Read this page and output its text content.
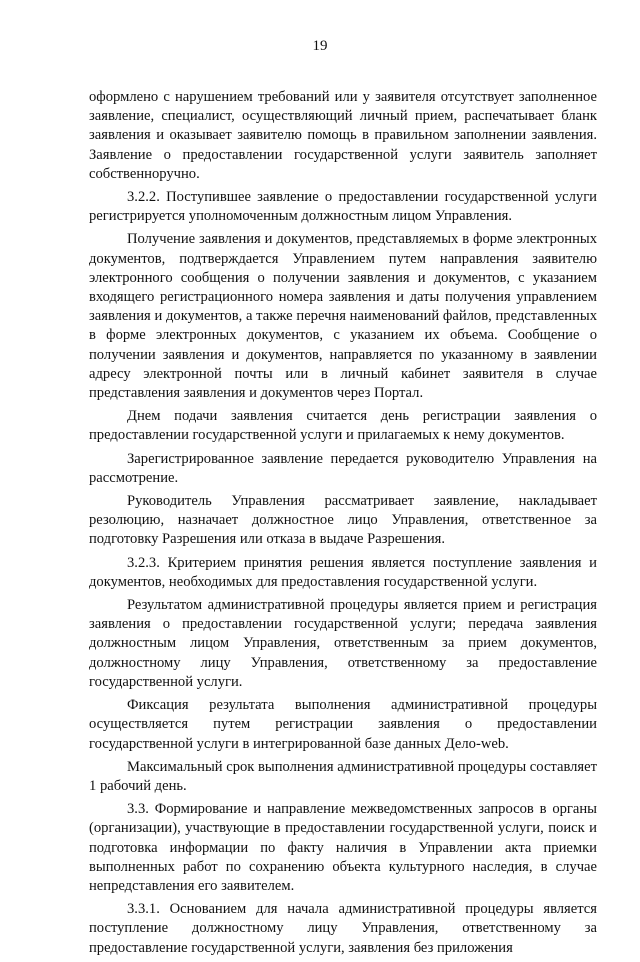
19

оформлено с нарушением требований или у заявителя отсутствует заполненное заявление, специалист, осуществляющий личный прием, распечатывает бланк заявления и оказывает заявителю помощь в правильном заполнении заявления. Заявление о предоставлении государственной услуги заявитель заполняет собственноручно.

3.2.2. Поступившее заявление о предоставлении государственной услуги регистрируется уполномоченным должностным лицом Управления.

Получение заявления и документов, представляемых в форме электронных документов, подтверждается Управлением путем направления заявителю электронного сообщения о получении заявления и документов, с указанием входящего регистрационного номера заявления и даты получения управлением заявления и документов, а также перечня наименований файлов, представленных в форме электронных документов, с указанием их объема. Сообщение о получении заявления и документов, направляется по указанному в заявлении адресу электронной почты или в личный кабинет заявителя в случае представления заявления и документов через Портал.

Днем подачи заявления считается день регистрации заявления о предоставлении государственной услуги и прилагаемых к нему документов.

Зарегистрированное заявление передается руководителю Управления на рассмотрение.

Руководитель Управления рассматривает заявление, накладывает резолюцию, назначает должностное лицо Управления, ответственное за подготовку Разрешения или отказа в выдаче Разрешения.

3.2.3. Критерием принятия решения является поступление заявления и документов, необходимых для предоставления государственной услуги.

Результатом административной процедуры является прием и регистрация заявления о предоставлении государственной услуги; передача заявления должностным лицом Управления, ответственным за прием документов, должностному лицу Управления, ответственному за предоставление государственной услуги.

Фиксация результата выполнения административной процедуры осуществляется путем регистрации заявления о предоставлении государственной услуги в интегрированной базе данных Дело-web.

Максимальный срок выполнения административной процедуры составляет 1 рабочий день.

3.3. Формирование и направление межведомственных запросов в органы (организации), участвующие в предоставлении государственной услуги, поиск и подготовка информации по факту наличия в Управлении акта приемки выполненных работ по сохранению объекта культурного наследия, в случае непредставления его заявителем.

3.3.1. Основанием для начала административной процедуры является поступление должностному лицу Управления, ответственному за предоставление государственной услуги, заявления без приложения
